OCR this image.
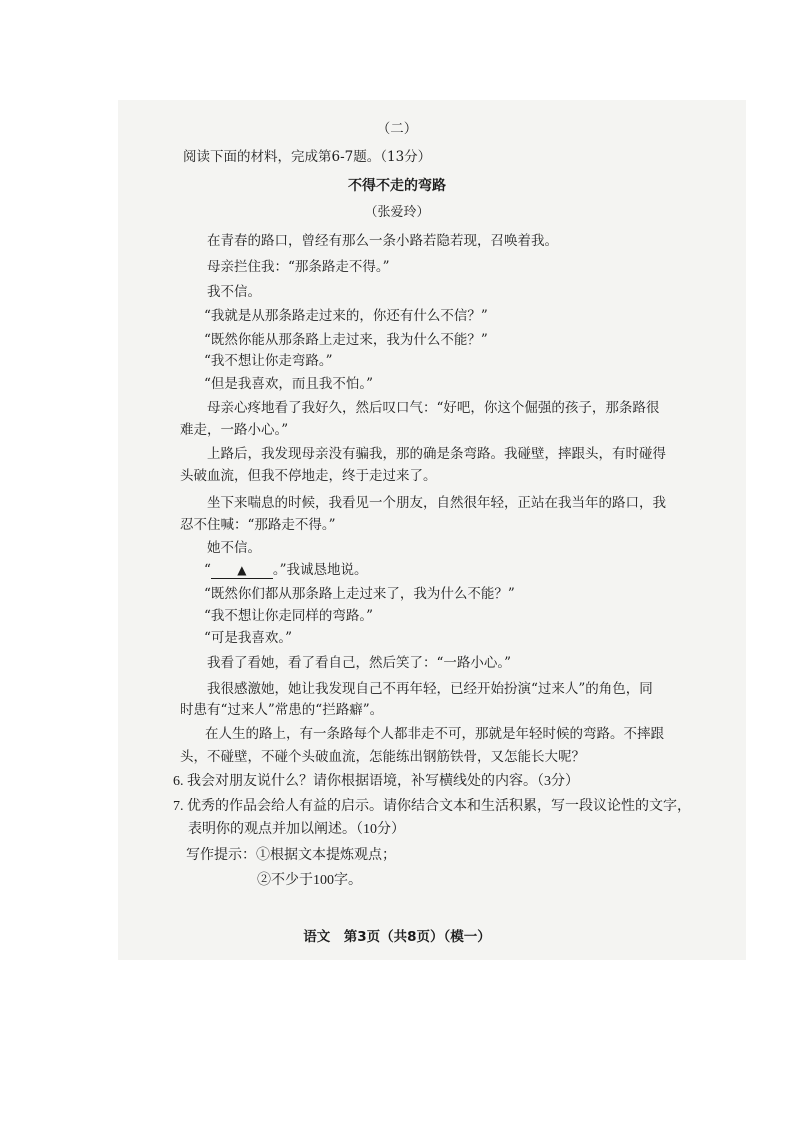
（二）
阅读下面的材料，完成第6-7题。（13分）
不得不走的弯路
（张爱玲）
在青春的路口，曾经有那么一条小路若隐若现，召唤着我。
母亲拦住我：“那条路走不得。”
我不信。
“我就是从那条路走过来的，你还有什么不信？”
“既然你能从那条路上走过来，我为什么不能？”
“我不想让你走弯路。”
“但是我喜欢，而且我不怕。”
母亲心疼地看了我好久，然后叹口气：“好吧，你这个倔强的孩子，那条路很
难走，一路小心。”
上路后，我发现母亲没有骗我，那的确是条弯路。我碰壁，摔跟头，有时碰得
头破血流，但我不停地走，终于走过来了。
坐下来喘息的时候，我看见一个朋友，自然很年轻，正站在我当年的路口，我
忍不住喊：“那路走不得。”
她不信。
“ ▲ 。”我诚恳地说。
“既然你们都从那条路上走过来了，我为什么不能？”
“我不想让你走同样的弯路。”
“可是我喜欢。”
我看了看她，看了看自己，然后笑了：“一路小心。”
我很感激她，她让我发现自己不再年轻，已经开始扮演“过来人”的角色，同
时患有“过来人”常患的“拦路癖”。
在人生的路上，有一条路每个人都非走不可，那就是年轻时候的弯路。不摔跟
头，不碰壁，不碰个头破血流，怎能练出钢筋铁骨，又怎能长大呢？
6. 我会对朋友说什么？请你根据语境，补写横线处的内容。（3分）
7. 优秀的作品会给人有益的启示。请你结合文本和生活积累，写一段议论性的文字，
表明你的观点并加以阐述。（10分）
写作提示：①根据文本提炼观点；
②不少于100字。
语文　第3页（共8页）（模一）
